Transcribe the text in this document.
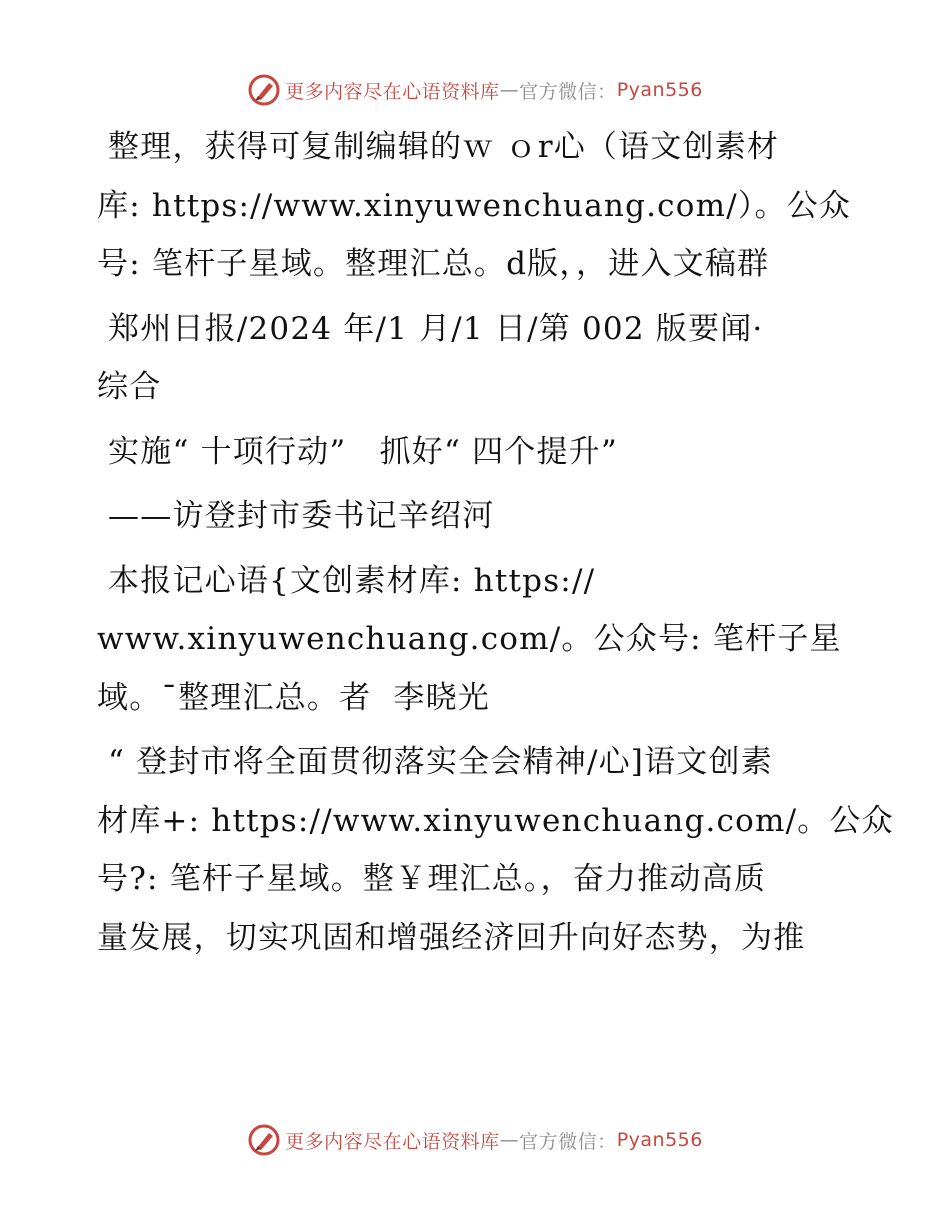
更多内容尽在心语资料库 — 官方微信： Pyan556
整理，获得可复制编辑的ｗ ｏr心（语文创素材
库: https://www.xinyuwenchuang.com/）。公众
号: 笔杆子星域。整理汇总。d版，，进入文稿群
郑州日报/2024 年/1 月/1 日/第 002 版要闻·
综合
实施“ 十项行动”   抓好“ 四个提升”
——访登封市委书记辛绍河
本报记心语{文创素材库: https://
www.xinyuwenchuang.com/。公众号: 笔杆子星
域。¯整理汇总。者  李晓光
“ 登封市将全面贯彻落实全会精神/心]语文创素
材库+: https://www.xinyuwenchuang.com/。公众
号?: 笔杆子星域。整￥理汇总。，奋力推动高质
量发展，切实巩固和增强经济回升向好态势，为推
更多内容尽在心语资料库 — 官方微信： Pyan556
